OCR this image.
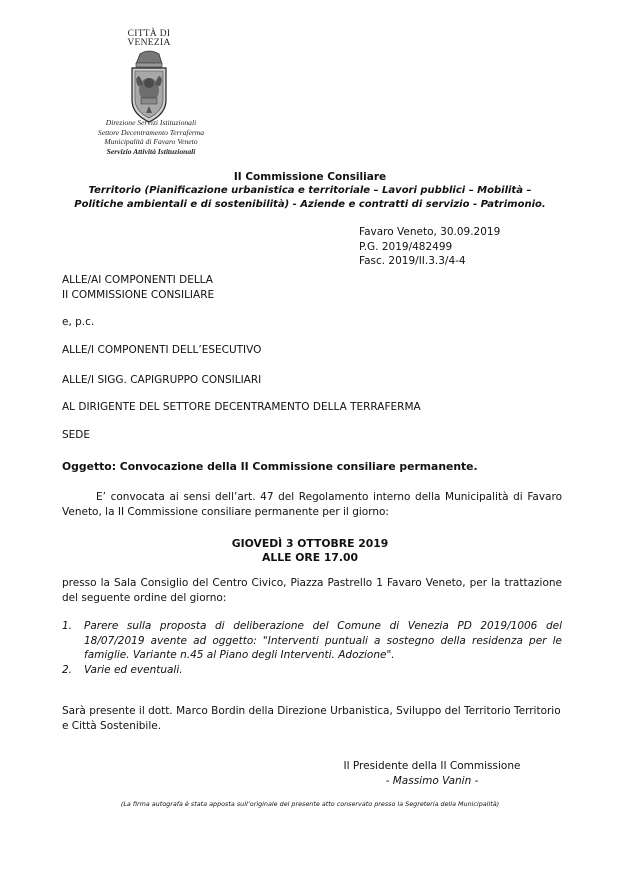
CITTÀ DI
VENEZIA
Direzione Servizi Istituzionali
Settore Decentramento Terraferma
Municipalità di Favaro Veneto
Servizio Attività Istituzionali
II Commissione Consiliare
Territorio (Pianificazione urbanistica e territoriale – Lavori pubblici – Mobilità –
Politiche ambientali e di sostenibilità) - Aziende e contratti di servizio - Patrimonio.
Favaro Veneto, 30.09.2019
P.G. 2019/482499
Fasc. 2019/II.3.3/4-4
ALLE/AI COMPONENTI DELLA
II COMMISSIONE CONSILIARE
e, p.c.
ALLE/I COMPONENTI DELL’ESECUTIVO
ALLE/I SIGG. CAPIGRUPPO CONSILIARI
AL DIRIGENTE DEL SETTORE DECENTRAMENTO DELLA TERRAFERMA
SEDE
Oggetto: Convocazione della II Commissione consiliare permanente.
E’ convocata ai sensi dell’art. 47 del Regolamento interno della Municipalità di Favaro Veneto, la II Commissione consiliare permanente per il giorno:
GIOVEDÌ 3 OTTOBRE 2019
ALLE ORE 17.00
presso la Sala Consiglio del Centro Civico, Piazza Pastrello 1 Favaro Veneto, per la trattazione del seguente ordine del giorno:
1. Parere sulla proposta di deliberazione del Comune di Venezia PD 2019/1006 del 18/07/2019 avente ad oggetto: "Interventi puntuali a sostegno della residenza per le famiglie. Variante n.45 al Piano degli Interventi. Adozione".
2. Varie ed eventuali.
Sarà presente il dott. Marco Bordin della Direzione Urbanistica, Sviluppo del Territorio Territorio e Città Sostenibile.
Il Presidente della II Commissione
- Massimo Vanin -
(La firma autografa è stata apposta sull’originale del presente atto conservato presso la Segreteria della Municipalità)
